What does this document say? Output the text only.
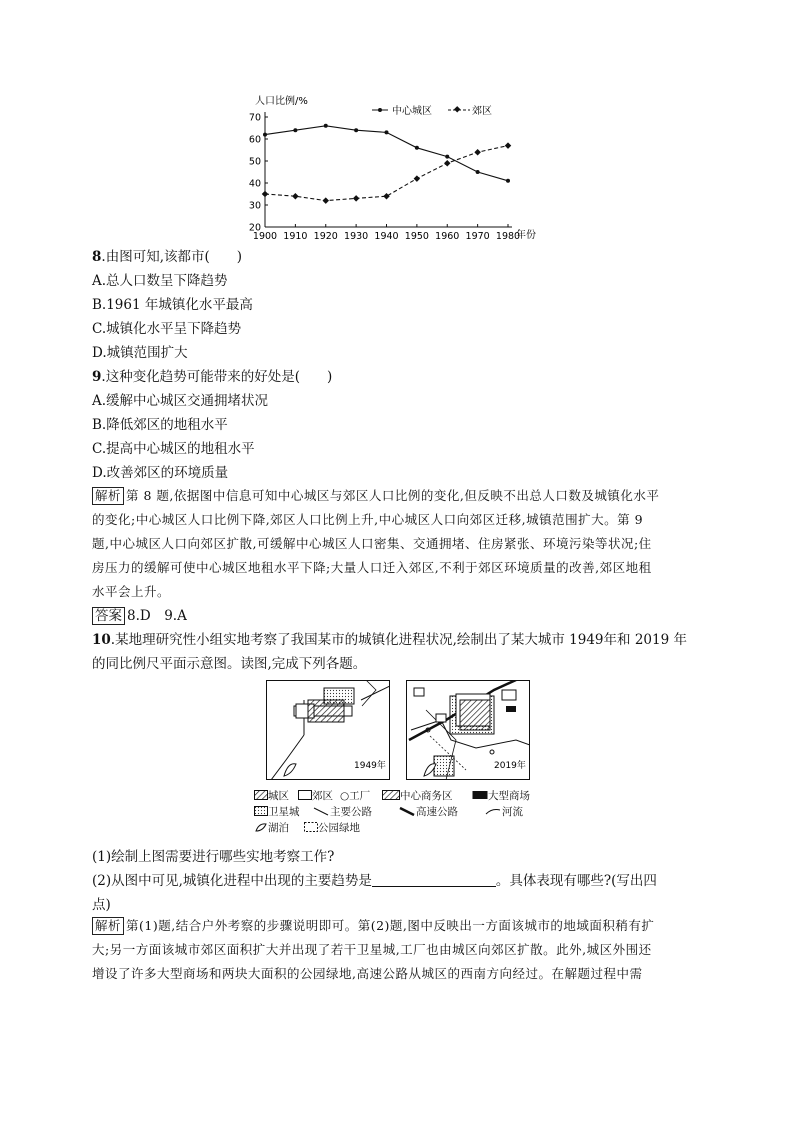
人口比例/%
中心城区	郊区
70
60
50
40
30
20
1900 1910 1920 1930 1940 1950 1960 1970 1980
年份
8.由图可知,该都市(　　)
A.总人口数呈下降趋势
B.1961 年城镇化水平最高
C.城镇化水平呈下降趋势
D.城镇范围扩大
9.这种变化趋势可能带来的好处是(　　)
A.缓解中心城区交通拥堵状况
B.降低郊区的地租水平
C.提高中心城区的地租水平
D.改善郊区的环境质量
解析 第 8 题,依据图中信息可知中心城区与郊区人口比例的变化,但反映不出总人口数及城镇化水平
的变化;中心城区人口比例下降,郊区人口比例上升,中心城区人口向郊区迁移,城镇范围扩大。第 9
题,中心城区人口向郊区扩散,可缓解中心城区人口密集、交通拥堵、住房紧张、环境污染等状况;住
房压力的缓解可使中心城区地租水平下降;大量人口迁入郊区,不利于郊区环境质量的改善,郊区地租
水平会上升。
答案 8.D　9.A
10.某地理研究性小组实地考察了我国某市的城镇化进程状况,绘制出了某大城市 1949年和 2019 年
的同比例尺平面示意图。读图,完成下列各题。
1949年	2019年
城区	郊区 ○工厂	中心商务区	大型商场
卫星城	主要公路	高速公路	河流
湖泊	公园绿地
(1)绘制上图需要进行哪些实地考察工作?
(2)从图中可见,城镇化进程中出现的主要趋势是	。具体表现有哪些?(写出四
点)
解析 第(1)题,结合户外考察的步骤说明即可。第(2)题,图中反映出一方面该城市的地域面积稍有扩
大;另一方面该城市郊区面积扩大并出现了若干卫星城,工厂也由城区向郊区扩散。此外,城区外围还
增设了许多大型商场和两块大面积的公园绿地,高速公路从城区的西南方向经过。在解题过程中需
